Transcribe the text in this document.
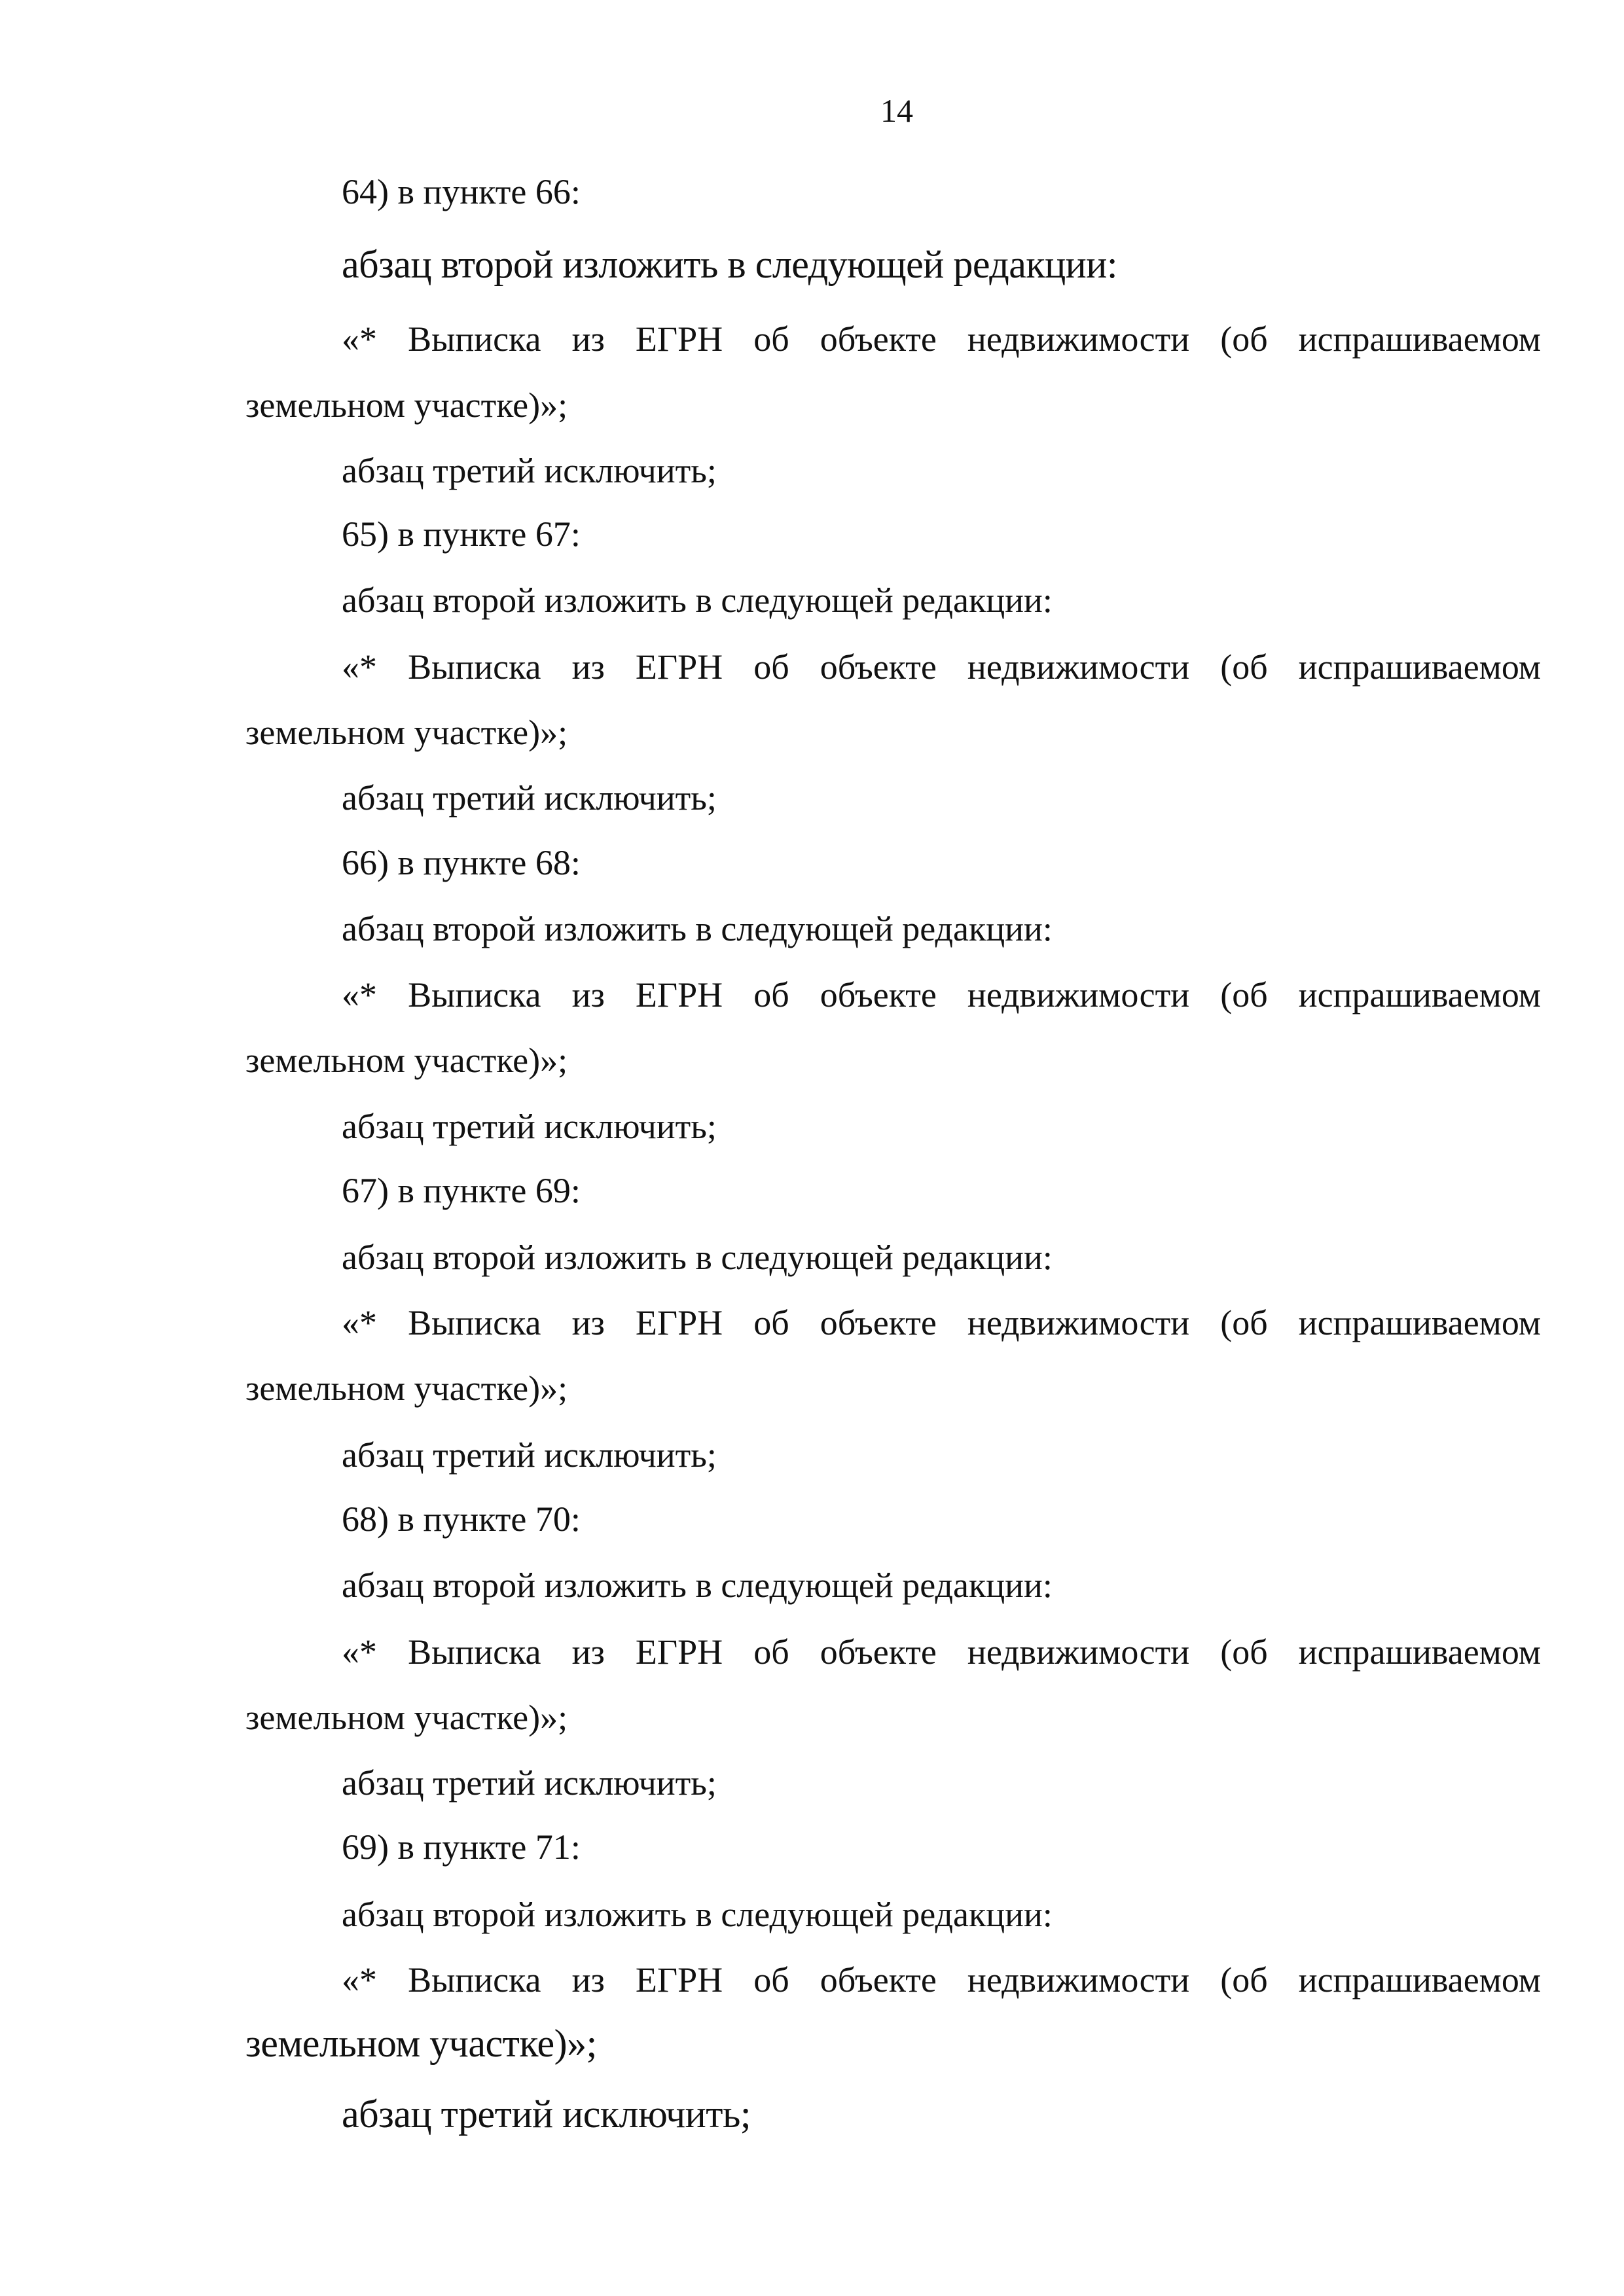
14
64) в пункте 66:
абзац второй изложить в следующей редакции:
«* Выписка из ЕГРН об объекте недвижимости (об испрашиваемом
земельном участке)»;
абзац третий исключить;
65) в пункте 67:
абзац второй изложить в следующей редакции:
«* Выписка из ЕГРН об объекте недвижимости (об испрашиваемом
земельном участке)»;
абзац третий исключить;
66) в пункте 68:
абзац второй изложить в следующей редакции:
«* Выписка из ЕГРН об объекте недвижимости (об испрашиваемом
земельном участке)»;
абзац третий исключить;
67) в пункте 69:
абзац второй изложить в следующей редакции:
«* Выписка из ЕГРН об объекте недвижимости (об испрашиваемом
земельном участке)»;
абзац третий исключить;
68) в пункте 70:
абзац второй изложить в следующей редакции:
«* Выписка из ЕГРН об объекте недвижимости (об испрашиваемом
земельном участке)»;
абзац третий исключить;
69) в пункте 71:
абзац второй изложить в следующей редакции:
«* Выписка из ЕГРН об объекте недвижимости (об испрашиваемом
земельном участке)»;
абзац третий исключить;
